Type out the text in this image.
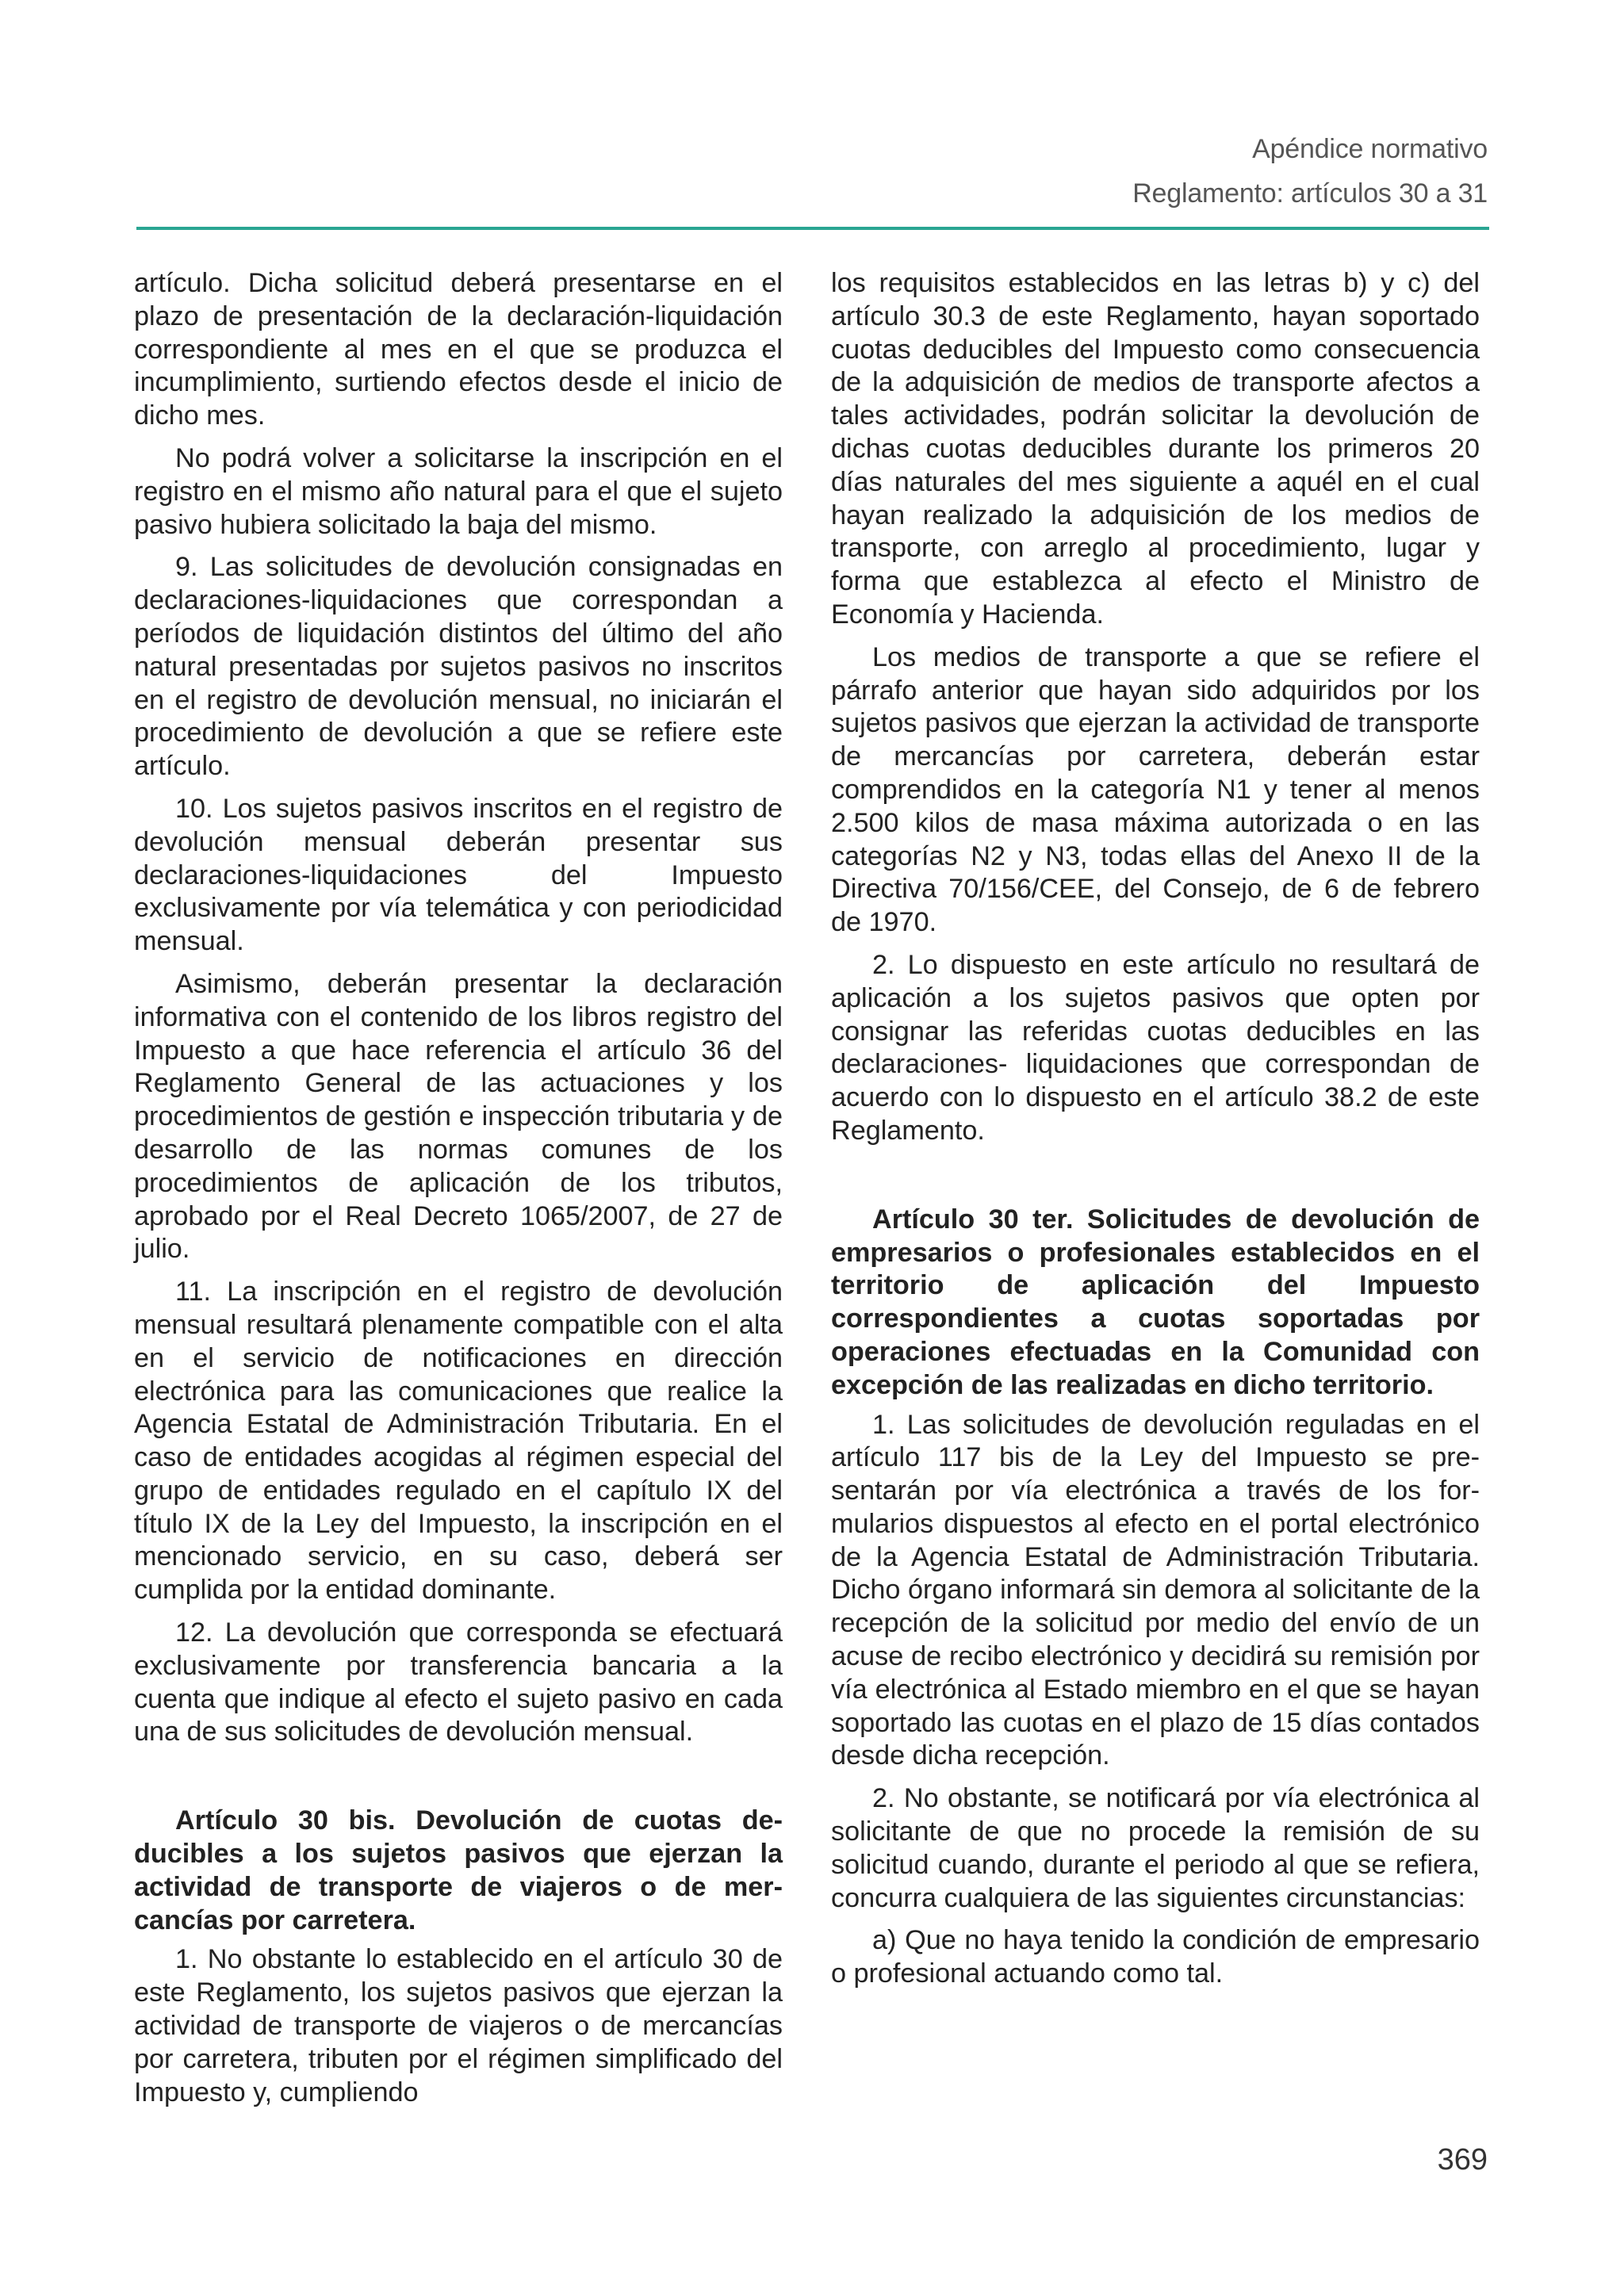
Apéndice normativo
Reglamento: artículos 30 a 31

artículo. Dicha solicitud deberá presentarse en el plazo de presentación de la declaración-liquidación correspondiente al mes en el que se produzca el incumplimiento, surtiendo efectos desde el inicio de dicho mes.

No podrá volver a solicitarse la inscripción en el registro en el mismo año natural para el que el sujeto pasivo hubiera solicitado la baja del mismo.

9. Las solicitudes de devolución consignadas en declaraciones-liquidaciones que correspondan a períodos de liquidación distintos del último del año natural presentadas por sujetos pasivos no inscritos en el registro de devolución mensual, no iniciarán el procedimiento de devolución a que se refiere este artículo.

10. Los sujetos pasivos inscritos en el registro de devolución mensual deberán presentar sus declaraciones-liquidaciones del Impuesto exclusivamente por vía telemática y con periodicidad mensual.

Asimismo, deberán presentar la declaración informativa con el contenido de los libros registro del Impuesto a que hace referencia el artículo 36 del Reglamento General de las actuaciones y los procedimientos de gestión e inspección tributaria y de desarrollo de las normas comunes de los procedimientos de aplicación de los tributos, aprobado por el Real Decreto 1065/2007, de 27 de julio.

11. La inscripción en el registro de devolución mensual resultará plenamente compatible con el alta en el servicio de notificaciones en dirección electrónica para las comunicaciones que realice la Agencia Estatal de Administración Tributaria. En el caso de entidades acogidas al régimen especial del grupo de entidades regulado en el capítulo IX del título IX de la Ley del Impuesto, la inscripción en el mencionado servicio, en su caso, deberá ser cumplida por la entidad dominante.

12. La devolución que corresponda se efectuará exclusivamente por transferencia bancaria a la cuenta que indique al efecto el sujeto pasivo en cada una de sus solicitudes de devolución mensual.

Artículo 30 bis. Devolución de cuotas deducibles a los sujetos pasivos que ejerzan la actividad de transporte de viajeros o de mercancías por carretera.

1. No obstante lo establecido en el artículo 30 de este Reglamento, los sujetos pasivos que ejerzan la actividad de transporte de viajeros o de mercancías por carretera, tributen por el régimen simplificado del Impuesto y, cumpliendo

los requisitos establecidos en las letras b) y c) del artículo 30.3 de este Reglamento, hayan soportado cuotas deducibles del Impuesto como consecuencia de la adquisición de medios de transporte afectos a tales actividades, podrán solicitar la devolución de dichas cuotas deducibles durante los primeros 20 días naturales del mes siguiente a aquél en el cual hayan realizado la adquisición de los medios de transporte, con arreglo al procedimiento, lugar y forma que establezca al efecto el Ministro de Economía y Hacienda.

Los medios de transporte a que se refiere el párrafo anterior que hayan sido adquiridos por los sujetos pasivos que ejerzan la actividad de transporte de mercancías por carretera, deberán estar comprendidos en la categoría N1 y tener al menos 2.500 kilos de masa máxima autorizada o en las categorías N2 y N3, todas ellas del Anexo II de la Directiva 70/156/CEE, del Consejo, de 6 de febrero de 1970.

2. Lo dispuesto en este artículo no resultará de aplicación a los sujetos pasivos que opten por consignar las referidas cuotas deducibles en las declaraciones- liquidaciones que correspondan de acuerdo con lo dispuesto en el artículo 38.2 de este Reglamento.

Artículo 30 ter. Solicitudes de devolución de empresarios o profesionales establecidos en el territorio de aplicación del Impuesto correspondientes a cuotas soportadas por operaciones efectuadas en la Comunidad con excepción de las realizadas en dicho territorio.

1. Las solicitudes de devolución reguladas en el artículo 117 bis de la Ley del Impuesto se presentarán por vía electrónica a través de los formularios dispuestos al efecto en el portal electrónico de la Agencia Estatal de Administración Tributaria. Dicho órgano informará sin demora al solicitante de la recepción de la solicitud por medio del envío de un acuse de recibo electrónico y decidirá su remisión por vía electrónica al Estado miembro en el que se hayan soportado las cuotas en el plazo de 15 días contados desde dicha recepción.

2. No obstante, se notificará por vía electrónica al solicitante de que no procede la remisión de su solicitud cuando, durante el periodo al que se refiera, concurra cualquiera de las siguientes circunstancias:

a) Que no haya tenido la condición de empresario o profesional actuando como tal.

369
